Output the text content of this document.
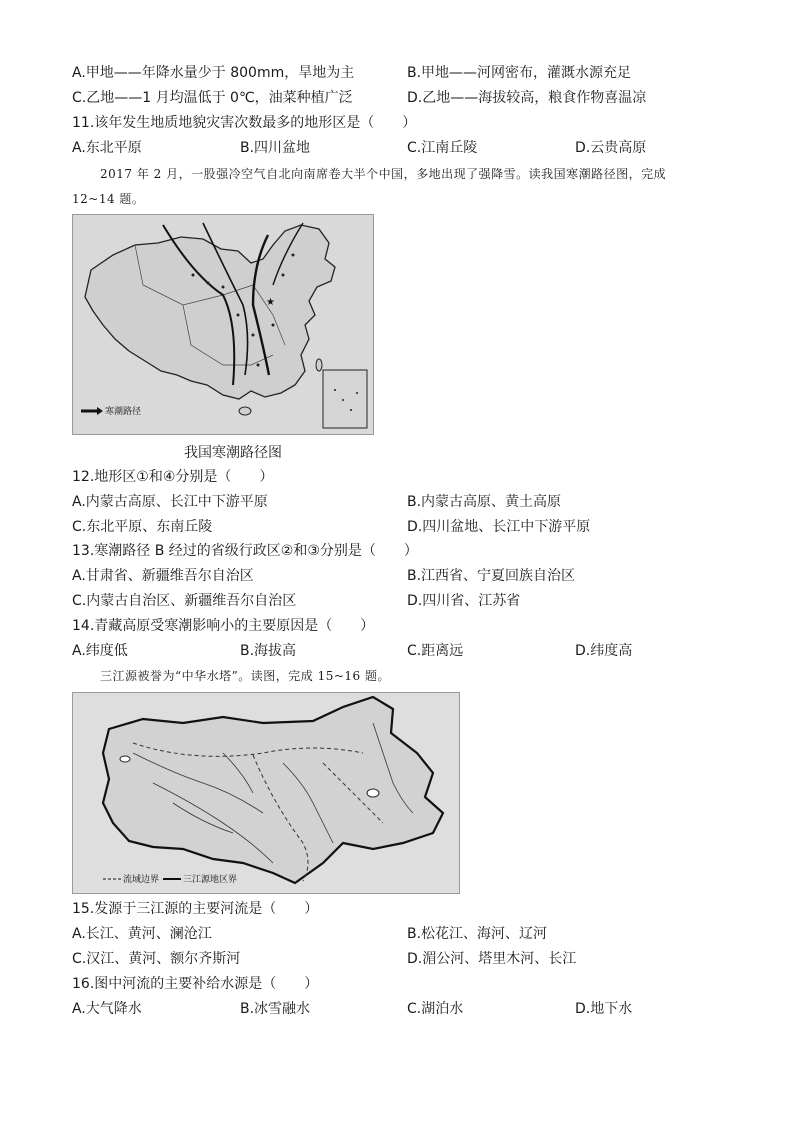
A.甲地——年降水量少于 800mm，旱地为主	B.甲地——河网密布，灌溉水源充足
C.乙地——1 月均温低于 0℃，油菜种植广泛	D.乙地——海拔较高，粮食作物喜温凉
11.该年发生地质地貌灾害次数最多的地形区是（　　）
A.东北平原	B.四川盆地	C.江南丘陵	D.云贵高原
2017 年 2 月，一股强冷空气自北向南席卷大半个中国，多地出现了强降雪。读我国寒潮路径图，完成
12~14 题。
★
寒潮路径
我国寒潮路径图
12.地形区①和④分别是（　　）
A.内蒙古高原、长江中下游平原	B.内蒙古高原、黄土高原
C.东北平原、东南丘陵	D.四川盆地、长江中下游平原
13.寒潮路径 B 经过的省级行政区②和③分别是（　　）
A.甘肃省、新疆维吾尔自治区	B.江西省、宁夏回族自治区
C.内蒙古自治区、新疆维吾尔自治区	D.四川省、江苏省
14.青藏高原受寒潮影响小的主要原因是（　　）
A.纬度低	B.海拔高	C.距离远	D.纬度高
三江源被誉为“中华水塔”。读图，完成 15~16 题。
流域边界	三江源地区界
15.发源于三江源的主要河流是（　　）
A.长江、黄河、澜沧江	B.松花江、海河、辽河
C.汉江、黄河、额尔齐斯河	D.湄公河、塔里木河、长江
16.图中河流的主要补给水源是（　　）
A.大气降水	B.冰雪融水	C.湖泊水	D.地下水
